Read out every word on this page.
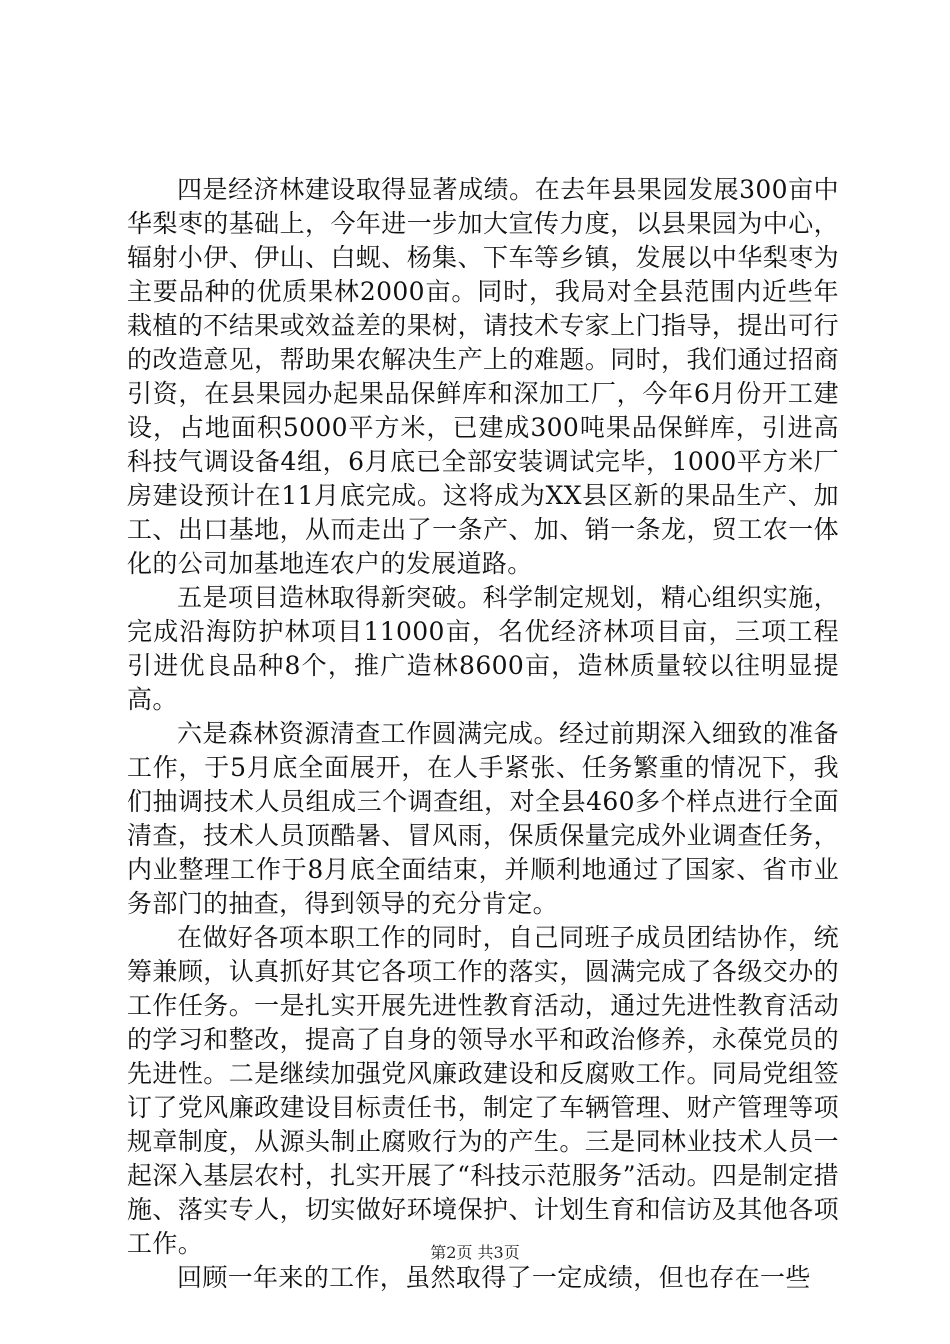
四是经济林建设取得显著成绩。在去年县果园发展300亩中华梨枣的基础上，今年进一步加大宣传力度，以县果园为中心，辐射小伊、伊山、白蚬、杨集、下车等乡镇，发展以中华梨枣为主要品种的优质果林2000亩。同时，我局对全县范围内近些年栽植的不结果或效益差的果树，请技术专家上门指导，提出可行的改造意见，帮助果农解决生产上的难题。同时，我们通过招商引资，在县果园办起果品保鲜库和深加工厂，今年6月份开工建设，占地面积5000平方米，已建成300吨果品保鲜库，引进高科技气调设备4组，6月底已全部安装调试完毕，1000平方米厂房建设预计在11月底完成。这将成为XX县区新的果品生产、加工、出口基地，从而走出了一条产、加、销一条龙，贸工农一体化的公司加基地连农户的发展道路。

五是项目造林取得新突破。科学制定规划，精心组织实施，完成沿海防护林项目11000亩，名优经济林项目亩，三项工程引进优良品种8个，推广造林8600亩，造林质量较以往明显提高。

六是森林资源清查工作圆满完成。经过前期深入细致的准备工作，于5月底全面展开，在人手紧张、任务繁重的情况下，我们抽调技术人员组成三个调查组，对全县460多个样点进行全面清查，技术人员顶酷暑、冒风雨，保质保量完成外业调查任务，内业整理工作于8月底全面结束，并顺利地通过了国家、省市业务部门的抽查，得到领导的充分肯定。

在做好各项本职工作的同时，自己同班子成员团结协作，统筹兼顾，认真抓好其它各项工作的落实，圆满完成了各级交办的工作任务。一是扎实开展先进性教育活动，通过先进性教育活动的学习和整改，提高了自身的领导水平和政治修养，永葆党员的先进性。二是继续加强党风廉政建设和反腐败工作。同局党组签订了党风廉政建设目标责任书，制定了车辆管理、财产管理等项规章制度，从源头制止腐败行为的产生。三是同林业技术人员一起深入基层农村，扎实开展了“科技示范服务”活动。四是制定措施、落实专人，切实做好环境保护、计划生育和信访及其他各项工作。

回顾一年来的工作，虽然取得了一定成绩，但也存在一些

第2页 共3页
